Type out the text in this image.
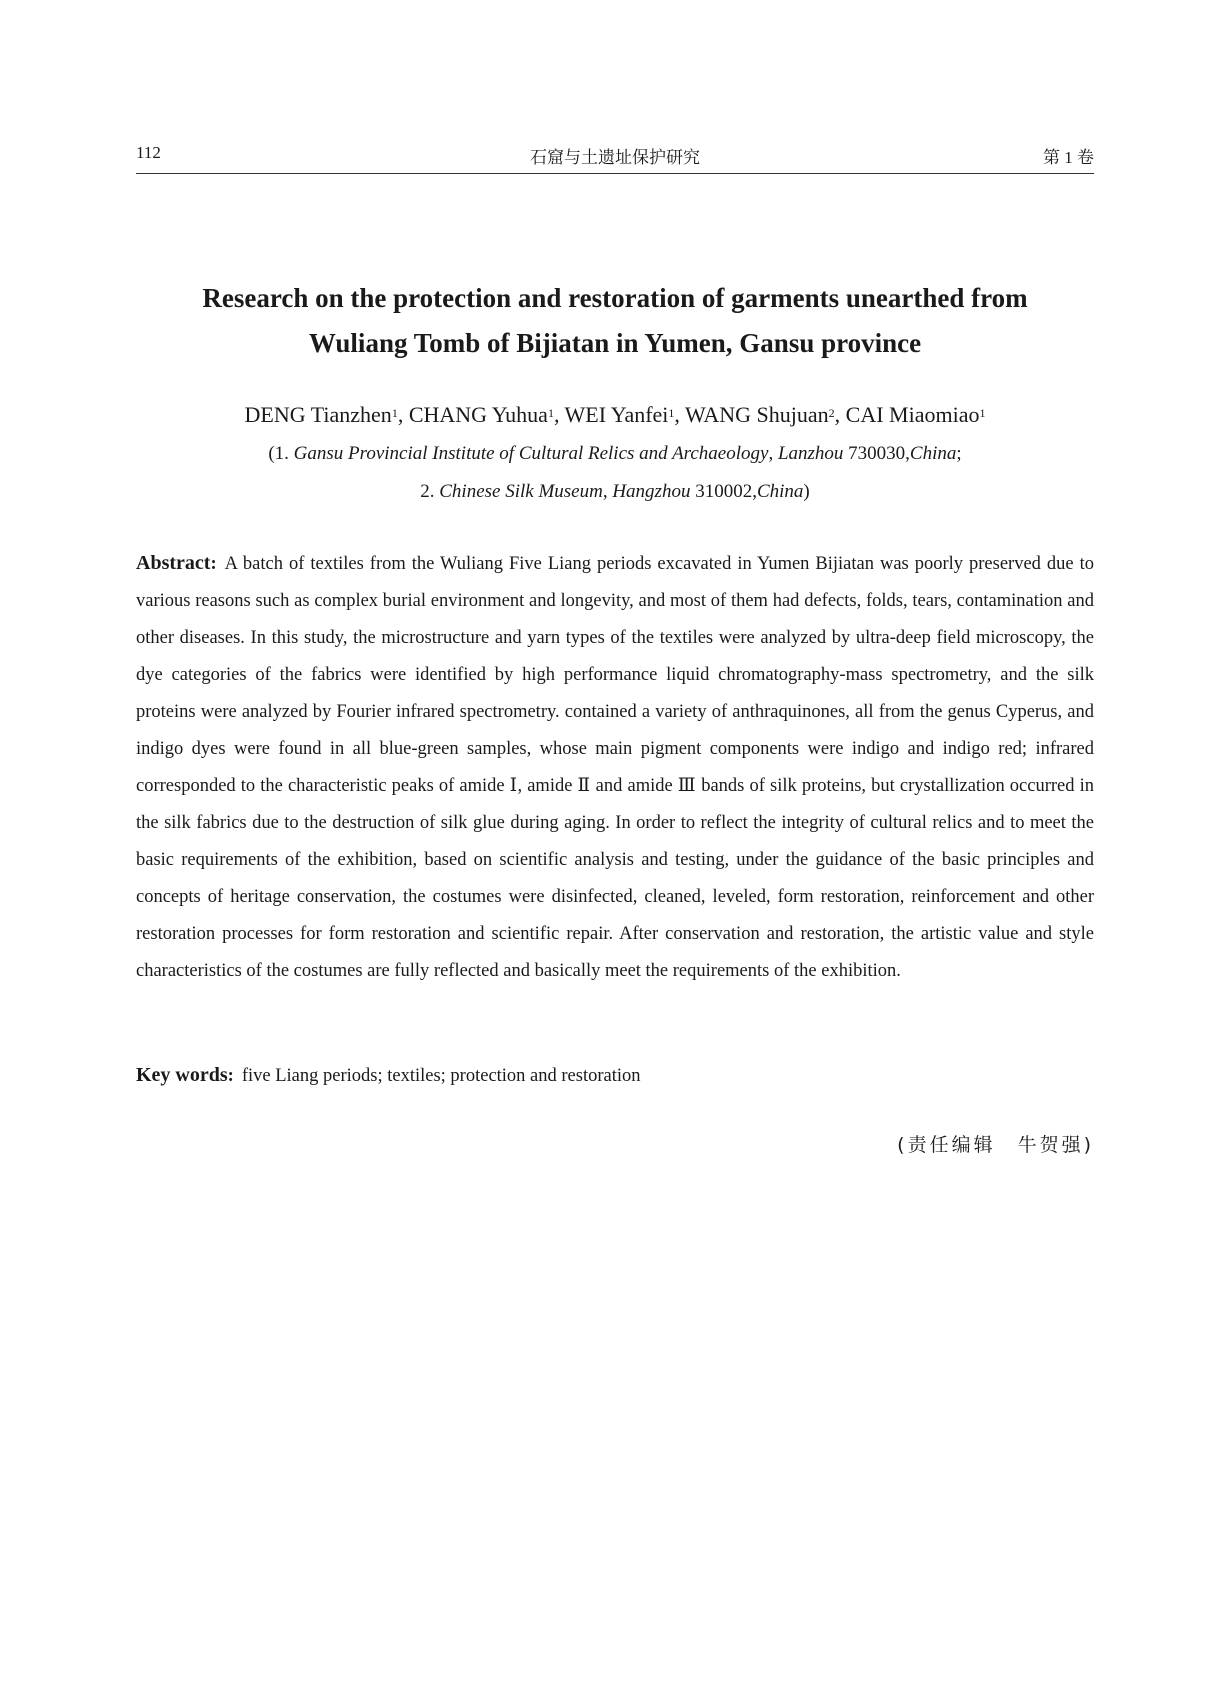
112	石窟与土遗址保护研究	第 1 卷
Research on the protection and restoration of garments unearthed from
Wuliang Tomb of Bijiatan in Yumen, Gansu province
DENG Tianzhen$^1$, CHANG Yuhua$^1$, WEI Yanfei$^1$, WANG Shujuan$^2$, CAI Miaomiao$^1$
(1. Gansu Provincial Institute of Cultural Relics and Archaeology, Lanzhou 730030,China;
2. Chinese Silk Museum, Hangzhou 310002,China)

Abstract: A batch of textiles from the Wuliang Five Liang periods excavated in Yumen Bijiatan was poorly preserved due to various reasons such as complex burial environment and longevity, and most of them had defects, folds, tears, contamination and other diseases. In this study, the microstructure and yarn types of the textiles were analyzed by ultra-deep field microscopy, the dye categories of the fabrics were identified by high performance liquid chromatography-mass spectrometry, and the silk proteins were analyzed by Fourier infrared spectrometry. contained a variety of anthraquinones, all from the genus Cyperus, and indigo dyes were found in all blue-green samples, whose main pigment components were indigo and indigo red; infrared corresponded to the characteristic peaks of amide Ⅰ, amide Ⅱ and amide Ⅲ bands of silk proteins, but crystallization occurred in the silk fabrics due to the destruction of silk glue during aging. In order to reflect the integrity of cultural relics and to meet the basic requirements of the exhibition, based on scientific analysis and testing, under the guidance of the basic principles and concepts of heritage conservation, the costumes were disinfected, cleaned, leveled, form restoration, reinforcement and other restoration processes for form restoration and scientific repair. After conservation and restoration, the artistic value and style characteristics of the costumes are fully reflected and basically meet the requirements of the exhibition.

Key words: five Liang periods; textiles; protection and restoration
(责任编辑　牛贺强)
